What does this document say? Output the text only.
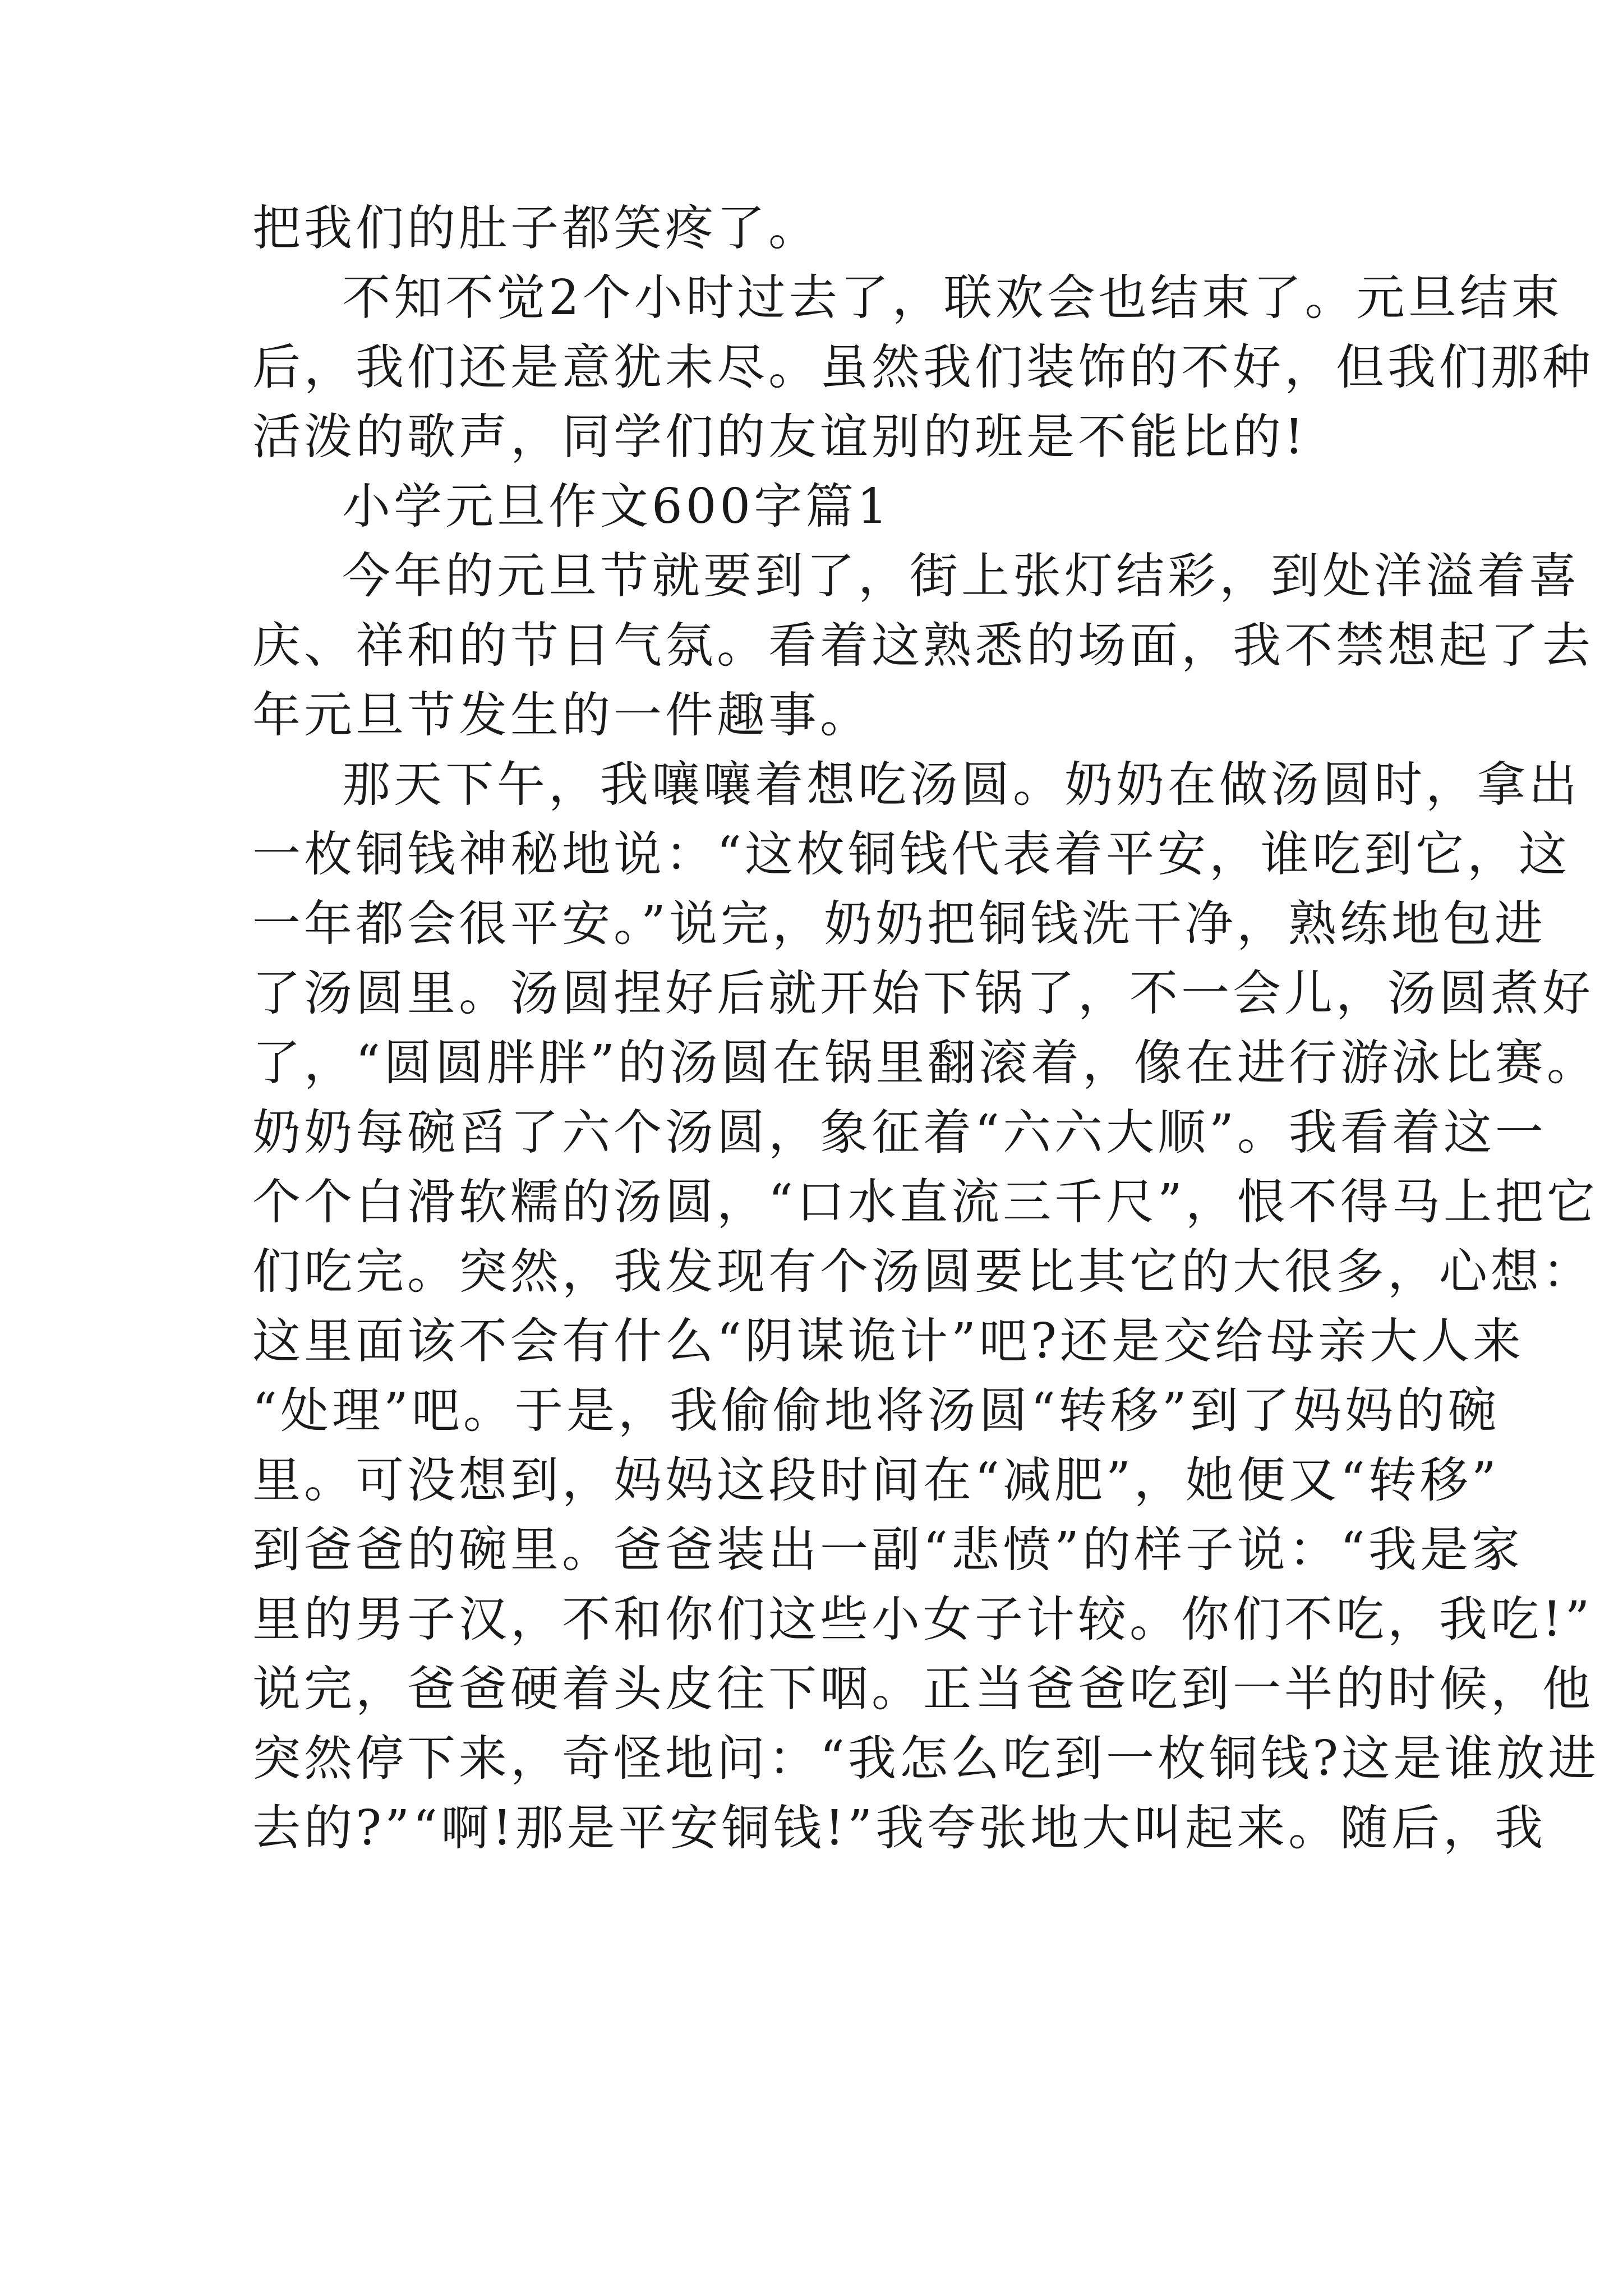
把我们的肚子都笑疼了。
不知不觉2个小时过去了，联欢会也结束了。元旦结束
后，我们还是意犹未尽。虽然我们装饰的不好，但我们那种
活泼的歌声，同学们的友谊别的班是不能比的!
小学元旦作文600字篇1
今年的元旦节就要到了，街上张灯结彩，到处洋溢着喜
庆、祥和的节日气氛。看着这熟悉的场面，我不禁想起了去
年元旦节发生的一件趣事。
那天下午，我嚷嚷着想吃汤圆。奶奶在做汤圆时，拿出
一枚铜钱神秘地说：“这枚铜钱代表着平安，谁吃到它，这
一年都会很平安。”说完，奶奶把铜钱洗干净，熟练地包进
了汤圆里。汤圆捏好后就开始下锅了，不一会儿，汤圆煮好
了，“圆圆胖胖”的汤圆在锅里翻滚着，像在进行游泳比赛。
奶奶每碗舀了六个汤圆，象征着“六六大顺”。我看着这一
个个白滑软糯的汤圆，“口水直流三千尺”，恨不得马上把它
们吃完。突然，我发现有个汤圆要比其它的大很多，心想：
这里面该不会有什么“阴谋诡计”吧?还是交给母亲大人来
“处理”吧。于是，我偷偷地将汤圆“转移”到了妈妈的碗
里。可没想到，妈妈这段时间在“减肥”，她便又“转移”
到爸爸的碗里。爸爸装出一副“悲愤”的样子说：“我是家
里的男子汉，不和你们这些小女子计较。你们不吃，我吃!”
说完，爸爸硬着头皮往下咽。正当爸爸吃到一半的时候，他
突然停下来，奇怪地问：“我怎么吃到一枚铜钱?这是谁放进
去的?”“啊!那是平安铜钱!”我夸张地大叫起来。随后，我
